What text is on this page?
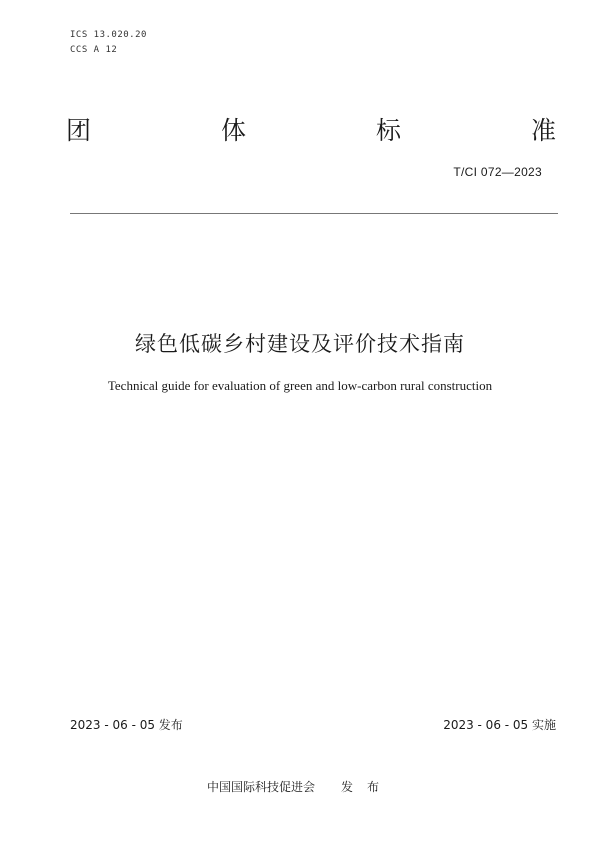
ICS 13.020.20
CCS A 12
团	体	标	准
T/CI 072—2023
绿色低碳乡村建设及评价技术指南
Technical guide for evaluation of green and low-carbon rural construction
2023 - 06 - 05 发布	2023 - 06 - 05 实施
中国国际科技促进会 发布
